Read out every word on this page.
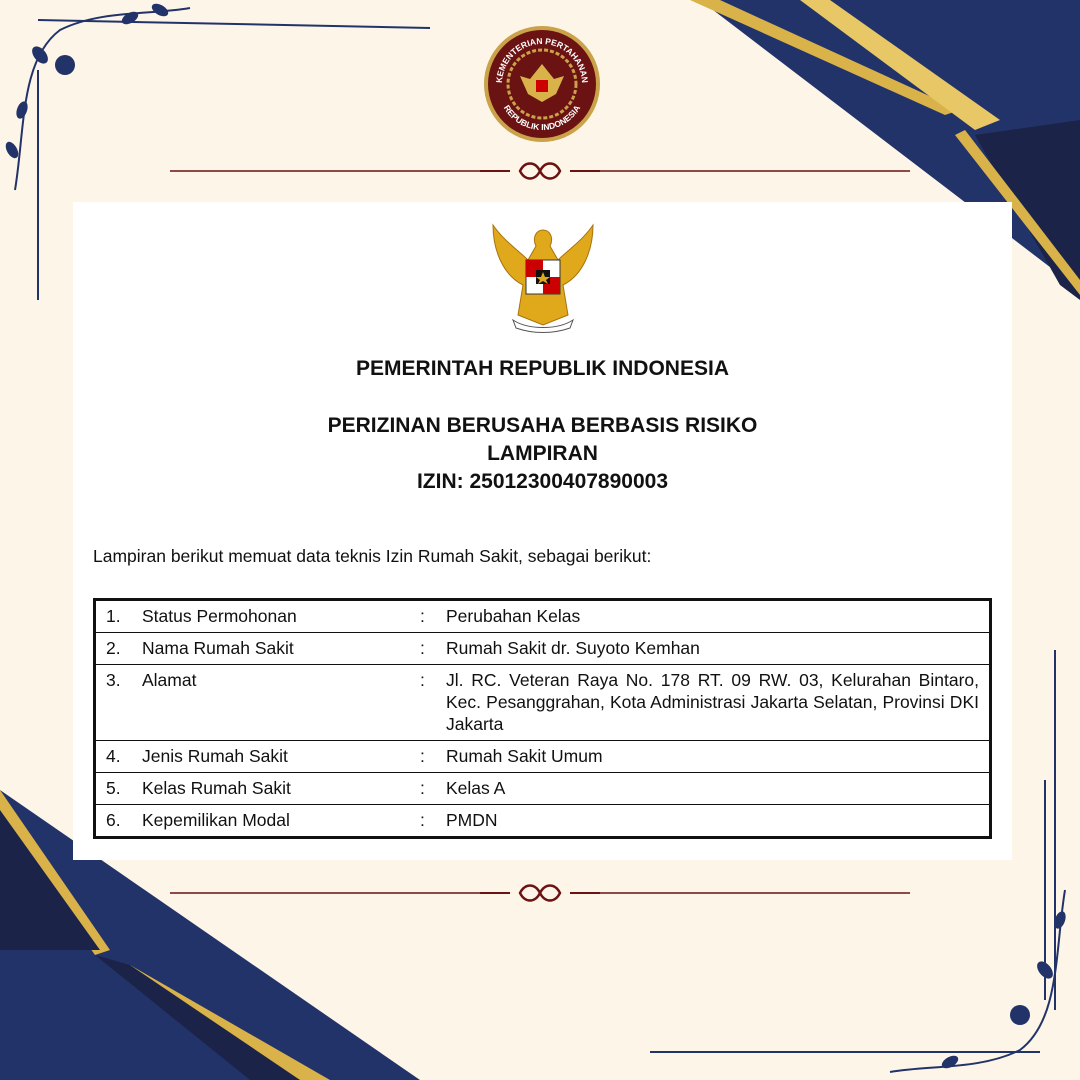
KEMENTERIAN PERTAHANAN
REPUBLIK INDONESIA
PEMERINTAH REPUBLIK INDONESIA
PERIZINAN BERUSAHA BERBASIS RISIKO
LAMPIRAN
IZIN: 25012300407890003
Lampiran berikut memuat data teknis Izin Rumah Sakit, sebagai berikut:
1.	Status Permohonan	:	Perubahan Kelas
2.	Nama Rumah Sakit	:	Rumah Sakit dr. Suyoto Kemhan
3.	Alamat	:	Jl. RC. Veteran Raya No. 178 RT. 09 RW. 03, Kelurahan Bintaro, Kec. Pesanggrahan, Kota Administrasi Jakarta Selatan, Provinsi DKI Jakarta
4.	Jenis Rumah Sakit	:	Rumah Sakit Umum
5.	Kelas Rumah Sakit	:	Kelas A
6.	Kepemilikan Modal	:	PMDN
